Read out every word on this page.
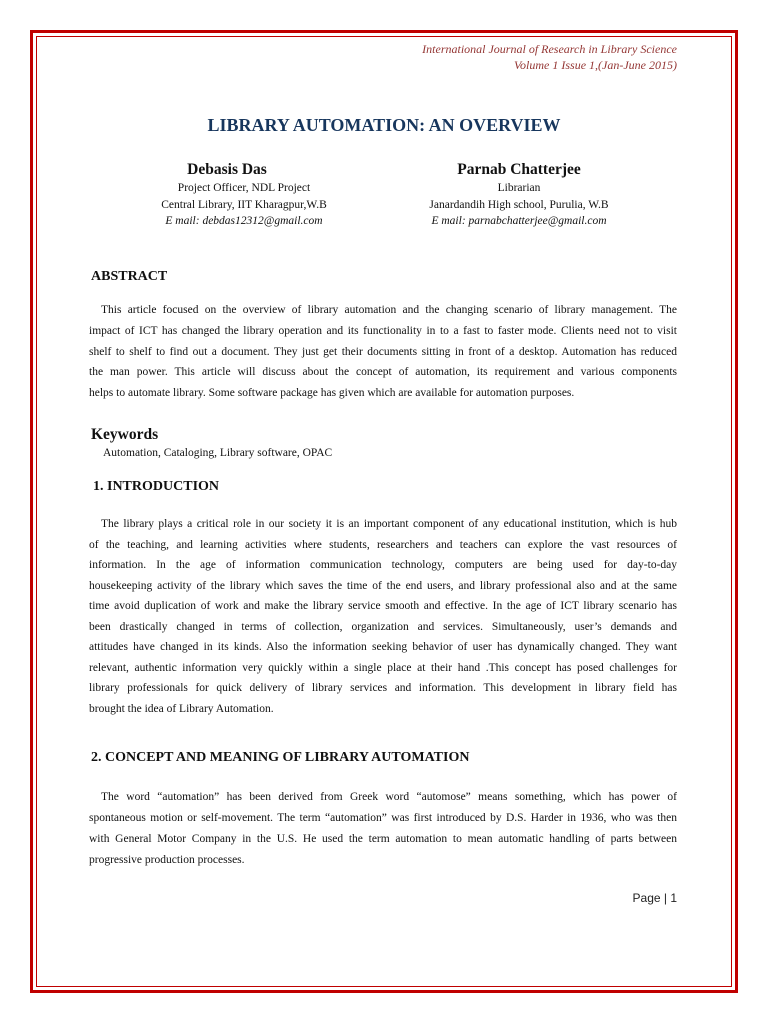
International Journal of Research in Library Science
Volume 1 Issue 1,(Jan-June 2015)
LIBRARY AUTOMATION: AN OVERVIEW
Debasis Das
Project Officer, NDL Project
Central Library, IIT Kharagpur,W.B
E mail: debdas12312@gmail.com
Parnab Chatterjee
Librarian
Janardandih High school, Purulia, W.B
E mail: parnabchatterjee@gmail.com
ABSTRACT
This article focused on the overview of library automation and the changing scenario of library management. The
impact of ICT has changed the library operation and its functionality in to a fast to faster mode. Clients need not to visit
shelf to shelf to find out a document. They just get their documents sitting in front of a desktop. Automation has reduced
the man power. This article will discuss about the concept of automation, its requirement and various components
helps to automate library. Some software package has given which are available for automation purposes.
Keywords
Automation, Cataloging, Library software, OPAC
1. INTRODUCTION
The library plays a critical role in our society it is an important component of any educational institution, which is hub
of the teaching, and learning activities where students, researchers and teachers can explore the vast resources of
information. In the age of information communication technology, computers are being used for day-to-day
housekeeping activity of the library which saves the time of the end users, and library professional also and at the same
time avoid duplication of work and make the library service smooth and effective. In the age of ICT library scenario has
been drastically changed in terms of collection, organization and services. Simultaneously, user’s demands and
attitudes have changed in its kinds. Also the information seeking behavior of user has dynamically changed. They want
relevant, authentic information very quickly within a single place at their hand .This concept has posed challenges for
library professionals for quick delivery of library services and information. This development in library field has
brought the idea of Library Automation.
2. CONCEPT AND MEANING OF LIBRARY AUTOMATION
The word “automation” has been derived from Greek word “automose” means something, which has power of
spontaneous motion or self-movement. The term “automation” was first introduced by D.S. Harder in 1936, who was then
with General Motor Company in the U.S. He used the term automation to mean automatic handling of parts between
progressive production processes.
Page | 1
